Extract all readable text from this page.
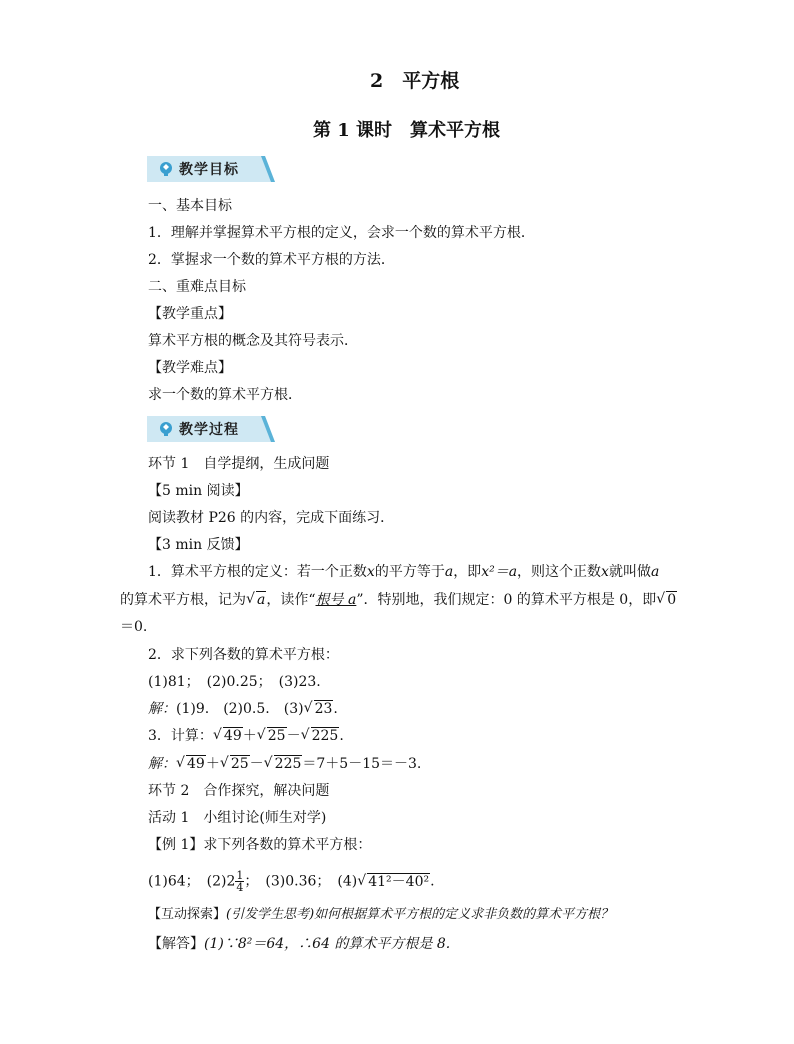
2　平方根
第 1 课时　算术平方根
教学目标
一、基本目标
1．理解并掌握算术平方根的定义，会求一个数的算术平方根．
2．掌握求一个数的算术平方根的方法．
二、重难点目标
【教学重点】
算术平方根的概念及其符号表示．
【教学难点】
求一个数的算术平方根．
教学过程
环节 1　自学提纲，生成问题
【5 min 阅读】
阅读教材 P26 的内容，完成下面练习．
【3 min 反馈】
1．算术平方根的定义：若一个正数x的平方等于a，即x²＝a，则这个正数x就叫做a
的算术平方根，记为 √ a，读作“根号 a”．特别地，我们规定：0 的算术平方根是 0，即 √ 0
＝0.
2．求下列各数的算术平方根：
(1)81；　(2)0.25；　(3)23.
解：(1)9.　(2)0.5.　(3) √ 23.
3．计算： √ 49＋ √ 25－ √ 225.
解： √ 49＋ √ 25－ √ 225＝7＋5－15＝－3.
环节 2　合作探究，解决问题
活动 1　小组讨论(师生对学)
【例 1】求下列各数的算术平方根：
(1)64；　$(2)2 \frac{1}{4}$ ；　(3)0.36；　(4) √ 41²－40².
【互动探索】(引发学生思考)如何根据算术平方根的定义求非负数的算术平方根？
【解答】(1)∵8²＝64，∴64 的算术平方根是 8.
